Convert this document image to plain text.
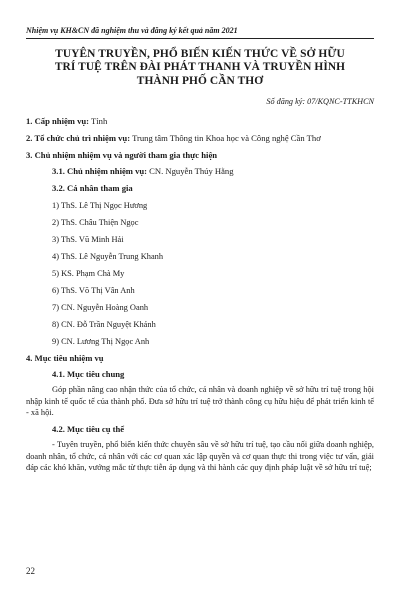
Nhiệm vụ KH&CN đã nghiệm thu và đăng ký kết quả năm 2021

TUYÊN TRUYỀN, PHỔ BIẾN KIẾN THỨC VỀ SỞ HỮU
TRÍ TUỆ TRÊN ĐÀI PHÁT THANH VÀ TRUYỀN HÌNH
THÀNH PHỐ CẦN THƠ

Số đăng ký: 07/KQNC-TTKHCN

1. Cấp nhiệm vụ: Tỉnh

2. Tổ chức chủ trì nhiệm vụ: Trung tâm Thông tin Khoa học và Công nghệ Cần Thơ

3. Chủ nhiệm nhiệm vụ và người tham gia thực hiện

3.1. Chủ nhiệm nhiệm vụ: CN. Nguyễn Thúy Hằng

3.2. Cá nhân tham gia

1) ThS. Lê Thị Ngọc Hương

2) ThS. Châu Thiện Ngọc

3) ThS. Vũ Minh Hải

4) ThS. Lê Nguyễn Trung Khanh

5) KS. Phạm Chà My

6) ThS. Võ Thị Vân Anh

7) CN. Nguyễn Hoàng Oanh

8) CN. Đỗ Trần Nguyệt Khánh

9) CN. Lương Thị Ngọc Anh

4. Mục tiêu nhiệm vụ

4.1. Mục tiêu chung

Góp phần nâng cao nhận thức của tổ chức, cá nhân và doanh nghiệp về sở hữu trí tuệ trong hội nhập kinh tế quốc tế của thành phố. Đưa sở hữu trí tuệ trở thành công cụ hữu hiệu để phát triển kinh tế - xã hội.

4.2. Mục tiêu cụ thể

- Tuyên truyền, phổ biến kiến thức chuyên sâu về sở hữu trí tuệ, tạo cầu nối giữa doanh nghiệp, doanh nhân, tổ chức, cá nhân với các cơ quan xác lập quyền và cơ quan thực thi trong việc tư vấn, giải đáp các khó khăn, vướng mắc từ thực tiễn áp dụng và thi hành các quy định pháp luật về sở hữu trí tuệ;

22
